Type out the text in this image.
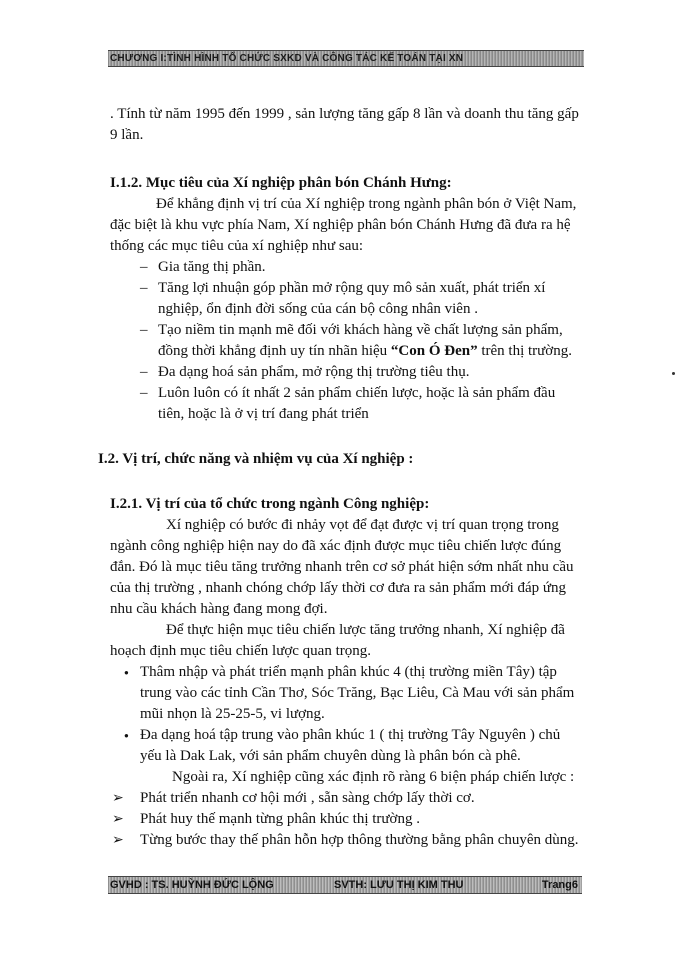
CHƯƠNG I:TÌNH HÌNH TỔ CHỨC SXKD VÀ CÔNG TÁC KẾ TOÁN TẠI XN

. Tính từ năm 1995 đến 1999 , sản lượng tăng gấp 8 lần và doanh thu tăng gấp 9 lần.

I.1.2. Mục tiêu của Xí nghiệp phân bón Chánh Hưng:

Để khẳng định vị trí của Xí nghiệp trong ngành phân bón ở Việt Nam, đặc biệt là khu vực phía Nam, Xí nghiệp phân bón Chánh Hưng đã đưa ra hệ thống các mục tiêu của xí nghiệp như sau:

– Gia tăng thị phần.
– Tăng lợi nhuận góp phần mở rộng quy mô sản xuất, phát triển xí nghiệp, ổn định đời sống của cán bộ công nhân viên .
– Tạo niềm tin mạnh mẽ đối với khách hàng về chất lượng sản phẩm, đồng thời khẳng định uy tín nhãn hiệu “Con Ó Đen” trên thị trường.
– Đa dạng hoá sản phẩm, mở rộng thị trường tiêu thụ.
– Luôn luôn có ít nhất 2 sản phẩm chiến lược, hoặc là sản phẩm đầu tiên, hoặc là ở vị trí đang phát triển

I.2. Vị trí, chức năng và nhiệm vụ của Xí nghiệp :

I.2.1. Vị trí của tổ chức trong ngành Công nghiệp:

Xí nghiệp có bước đi nhảy vọt để đạt được vị trí quan trọng trong ngành công nghiệp hiện nay do đã xác định được mục tiêu chiến lược đúng đắn. Đó là mục tiêu tăng trưởng nhanh trên cơ sở phát hiện sớm nhất nhu cầu của thị trường , nhanh chóng chớp lấy thời cơ đưa ra sản phẩm mới đáp ứng nhu cầu khách hàng đang mong đợi.

Để thực hiện mục tiêu chiến lược tăng trưởng nhanh, Xí nghiệp đã hoạch định mục tiêu chiến lược quan trọng.

● Thâm nhập và phát triển mạnh phân khúc 4 (thị trường miền Tây) tập trung vào các tỉnh Cần Thơ, Sóc Trăng, Bạc Liêu, Cà Mau với sản phẩm mũi nhọn là 25-25-5, vi lượng.
● Đa dạng hoá tập trung vào phân khúc 1 ( thị trường Tây Nguyên ) chủ yếu là Dak Lak, với sản phẩm chuyên dùng là phân bón cà phê.

Ngoài ra, Xí nghiệp cũng xác định rõ ràng 6 biện pháp chiến lược :

➢ Phát triển nhanh cơ hội mới , sẵn sàng chớp lấy thời cơ.
➢ Phát huy thế mạnh từng phân khúc thị trường .
➢ Từng bước thay thế phân hỗn hợp thông thường bằng phân chuyên dùng.
GVHD : TS. HUỲNH ĐỨC LỘNG	SVTH: LƯU THỊ KIM THU	Trang6
